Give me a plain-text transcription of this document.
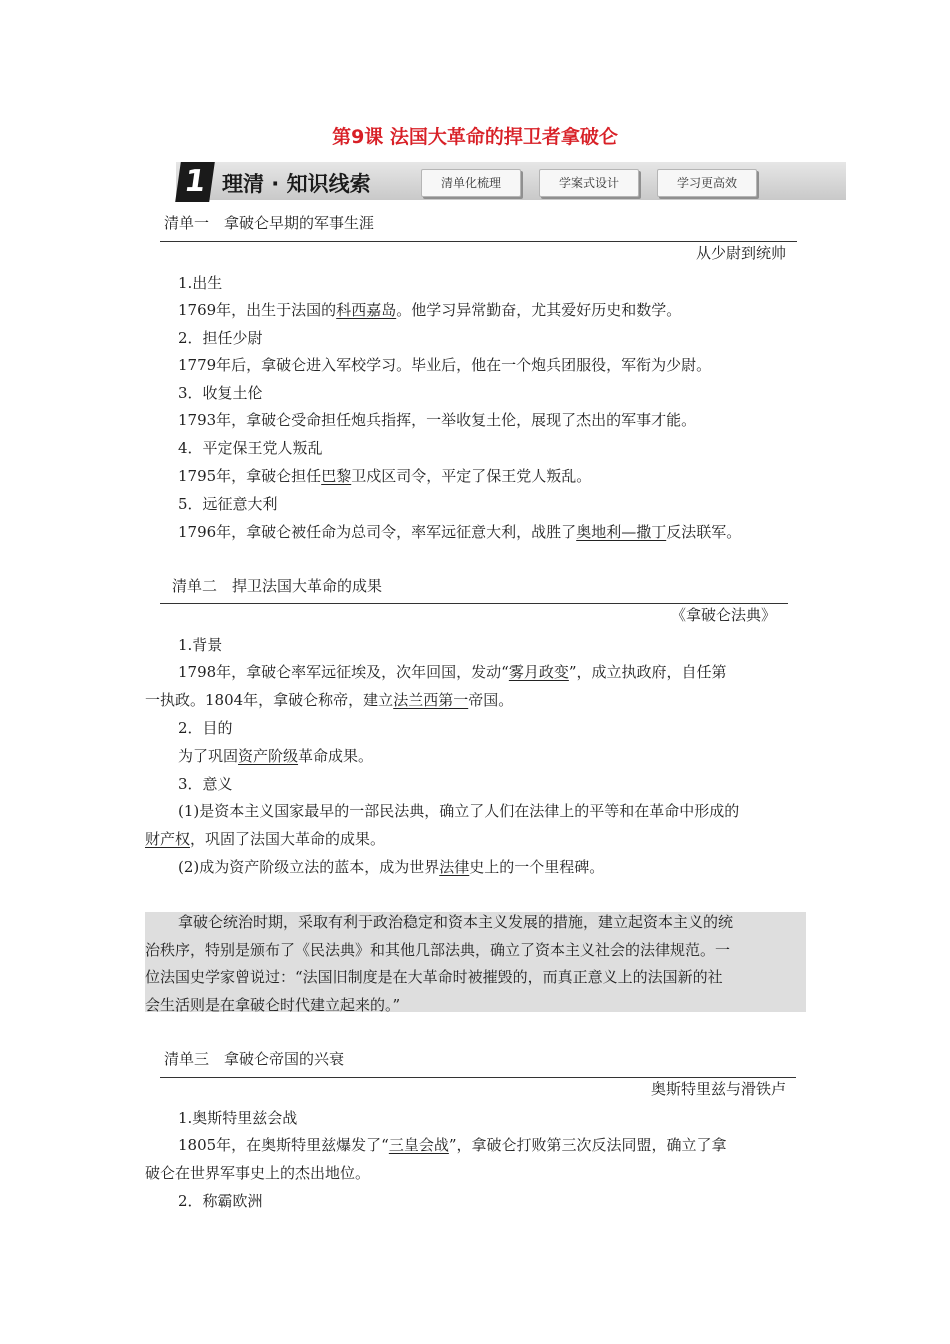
第9课 法国大革命的捍卫者拿破仑
1 理清 · 知识线索	清单化梳理	学案式设计	学习更高效
清单一　拿破仑早期的军事生涯
从少尉到统帅
1.出生
1769年，出生于法国的科西嘉岛。他学习异常勤奋，尤其爱好历史和数学。
2．担任少尉
1779年后，拿破仑进入军校学习。毕业后，他在一个炮兵团服役，军衔为少尉。
3．收复土伦
1793年，拿破仑受命担任炮兵指挥，一举收复土伦，展现了杰出的军事才能。
4．平定保王党人叛乱
1795年，拿破仑担任巴黎卫戍区司令，平定了保王党人叛乱。
5．远征意大利
1796年，拿破仑被任命为总司令，率军远征意大利，战胜了奥地利—撒丁反法联军。
清单二　捍卫法国大革命的成果
《拿破仑法典》
1.背景
1798年，拿破仑率军远征埃及，次年回国，发动“雾月政变”，成立执政府，自任第
一执政。1804年，拿破仑称帝，建立法兰西第一帝国。
2．目的
为了巩固资产阶级革命成果。
3．意义
(1)是资本主义国家最早的一部民法典，确立了人们在法律上的平等和在革命中形成的
财产权，巩固了法国大革命的成果。
(2)成为资产阶级立法的蓝本，成为世界法律史上的一个里程碑。
拿破仑统治时期，采取有利于政治稳定和资本主义发展的措施，建立起资本主义的统
治秩序，特别是颁布了《民法典》和其他几部法典，确立了资本主义社会的法律规范。一
位法国史学家曾说过：“法国旧制度是在大革命时被摧毁的，而真正意义上的法国新的社
会生活则是在拿破仑时代建立起来的。”
清单三　拿破仑帝国的兴衰
奥斯特里兹与滑铁卢
1.奥斯特里兹会战
1805年，在奥斯特里兹爆发了“三皇会战”，拿破仑打败第三次反法同盟，确立了拿
破仑在世界军事史上的杰出地位。
2．称霸欧洲
